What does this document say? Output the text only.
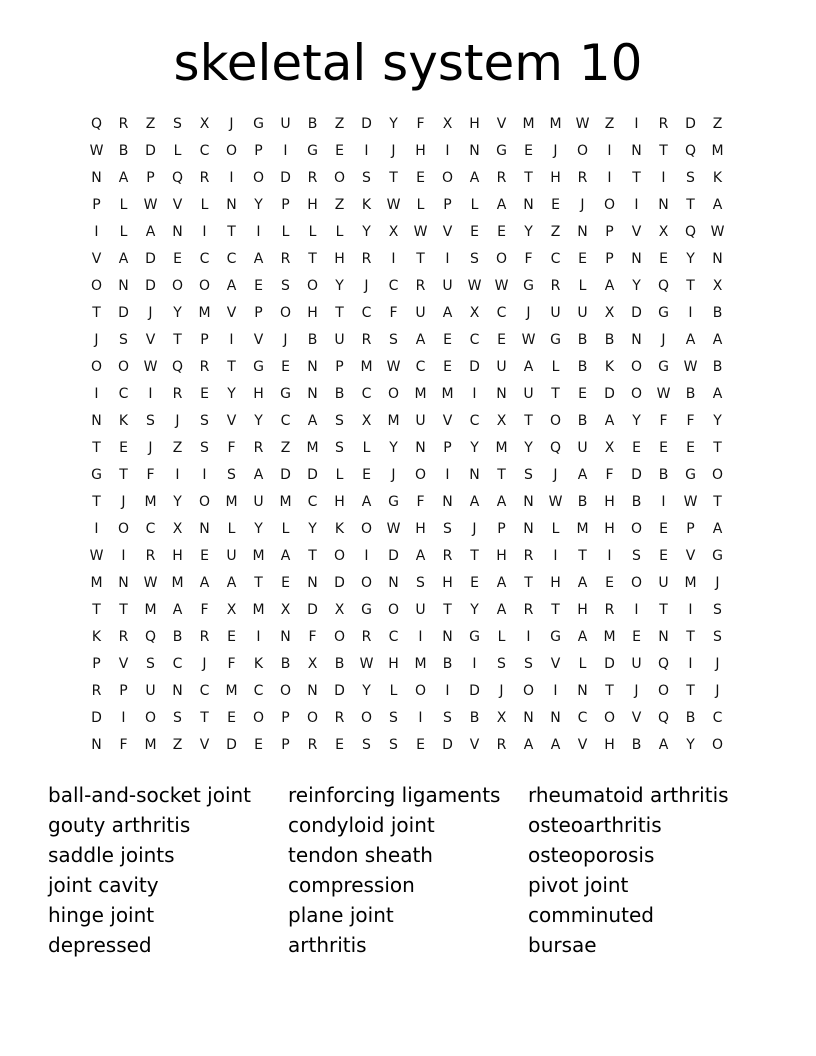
skeletal system 10
Q	R	Z	S	X	J	G	U	B	Z	D	Y	F	X	H	V	M	M	W	Z	I	R	D	Z
W	B	D	L	C	O	P	I	G	E	I	J	H	I	N	G	E	J	O	I	N	T	Q	M
N	A	P	Q	R	I	O	D	R	O	S	T	E	O	A	R	T	H	R	I	T	I	S	K
P	L	W	V	L	N	Y	P	H	Z	K	W	L	P	L	A	N	E	J	O	I	N	T	A
I	L	A	N	I	T	I	L	L	L	Y	X	W	V	E	E	Y	Z	N	P	V	X	Q	W
V	A	D	E	C	C	A	R	T	H	R	I	T	I	S	O	F	C	E	P	N	E	Y	N
O	N	D	O	O	A	E	S	O	Y	J	C	R	U	W W	G	R	L	A	Y	Q	T	X
T	D	J	Y	M	V	P	O	H	T	C	F	U	A	X	C	J	U	U	X	D	G	I	B
J	S	V	T	P	I	V	J	B	U	R	S	A	E	C	E	W	G	B	B	N	J	A	A
O	O	W	Q	R	T	G	E	N	P	M	W	C	E	D	U	A	L	B	K	O	G	W	B
I	C	I	R	E	Y	H	G	N	B	C	O	M	M	I	N	U	T	E	D	O	W	B	A
N	K	S	J	S	V	Y	C	A	S	X	M	U	V	C	X	T	O	B	A	Y	F	F	Y
T	E	J	Z	S	F	R	Z	M	S	L	Y	N	P	Y	M	Y	Q	U	X	E	E	E	T
G	T	F	I	I	S	A	D	D	L	E	J	O	I	N	T	S	J	A	F	D	B	G	O
T	J	M	Y	O	M	U	M	C	H	A	G	F	N	A	A	N	W	B	H	B	I	W	T
I	O	C	X	N	L	Y	L	Y	K	O	W	H	S	J	P	N	L	M	H	O	E	P	A
W	I	R	H	E	U	M	A	T	O	I	D	A	R	T	H	R	I	T	I	S	E	V	G
M	N	W	M	A	A	T	E	N	D	O	N	S	H	E	A	T	H	A	E	O	U	M	J
T	T	M	A	F	X	M	X	D	X	G	O	U	T	Y	A	R	T	H	R	I	T	I	S
K	R	Q	B	R	E	I	N	F	O	R	C	I	N	G	L	I	G	A	M	E	N	T	S
P	V	S	C	J	F	K	B	X	B	W	H	M	B	I	S	S	V	L	D	U	Q	I	J
R	P	U	N	C	M	C	O	N	D	Y	L	O	I	D	J	O	I	N	T	J	O	T	J
D	I	O	S	T	E	O	P	O	R	O	S	I	S	B	X	N	N	C	O	V	Q	B	C
N	F	M	Z	V	D	E	P	R	E	S	S	E	D	V	R	A	A	V	H	B	A	Y	O
ball-and-socket joint	reinforcing ligaments	rheumatoid arthritis
gouty arthritis	condyloid joint	osteoarthritis
saddle joints	tendon sheath	osteoporosis
joint cavity	compression	pivot joint
hinge joint	plane joint	comminuted
depressed	arthritis	bursae
